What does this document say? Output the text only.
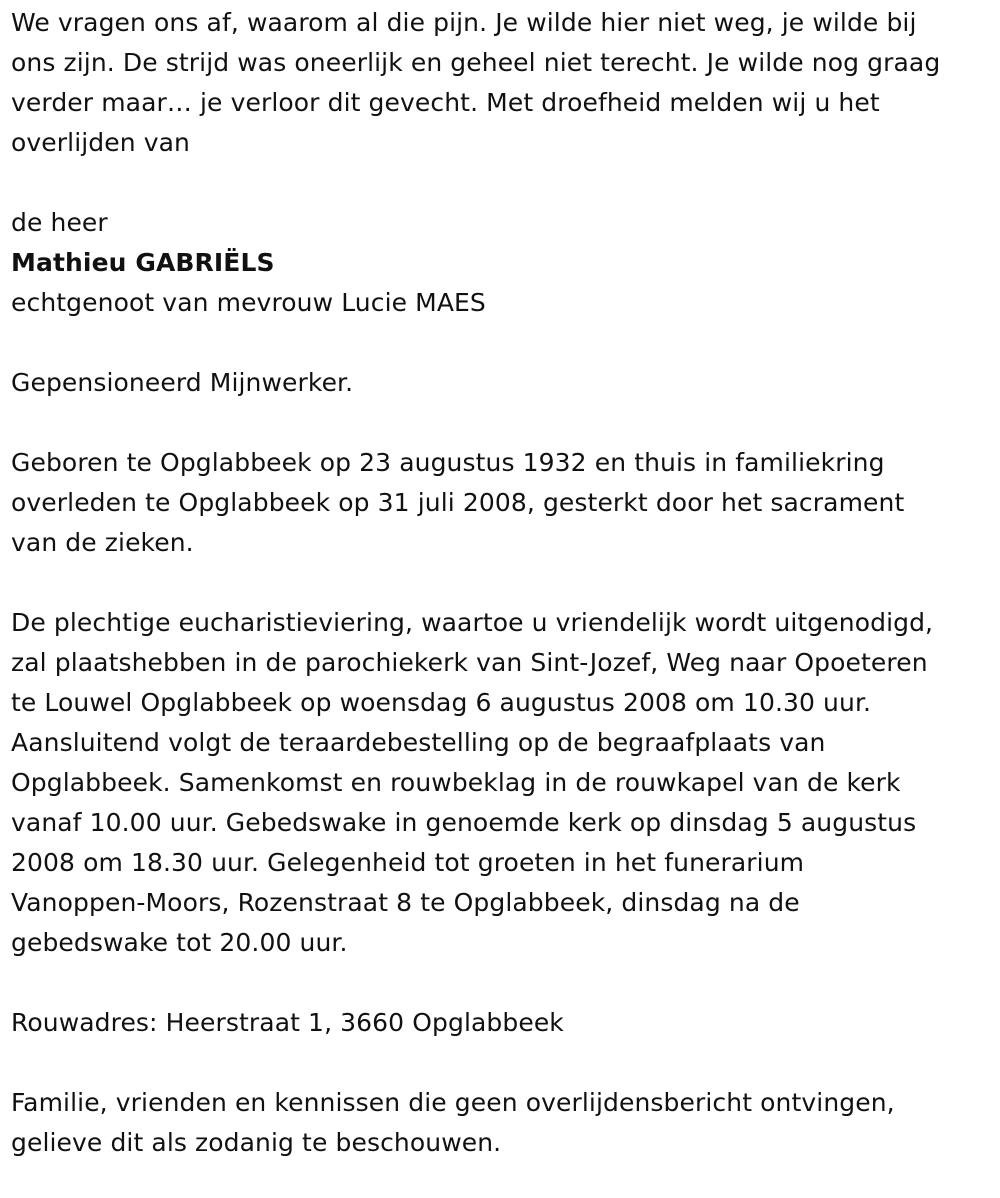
We vragen ons af, waarom al die pijn. Je wilde hier niet weg, je wilde bij
ons zijn. De strijd was oneerlijk en geheel niet terecht. Je wilde nog graag
verder maar… je verloor dit gevecht. Met droefheid melden wij u het
overlijden van

de heer

Mathieu GABRIËLS

echtgenoot van mevrouw Lucie MAES

Gepensioneerd Mijnwerker.

Geboren te Opglabbeek op 23 augustus 1932 en thuis in familiekring
overleden te Opglabbeek op 31 juli 2008, gesterkt door het sacrament
van de zieken.

De plechtige eucharistieviering, waartoe u vriendelijk wordt uitgenodigd,
zal plaatshebben in de parochiekerk van Sint-Jozef, Weg naar Opoeteren
te Louwel Opglabbeek op woensdag 6 augustus 2008 om 10.30 uur.
Aansluitend volgt de teraardebestelling op de begraafplaats van
Opglabbeek. Samenkomst en rouwbeklag in de rouwkapel van de kerk
vanaf 10.00 uur. Gebedswake in genoemde kerk op dinsdag 5 augustus
2008 om 18.30 uur. Gelegenheid tot groeten in het funerarium
Vanoppen-Moors, Rozenstraat 8 te Opglabbeek, dinsdag na de
gebedswake tot 20.00 uur.

Rouwadres: Heerstraat 1, 3660 Opglabbeek

Familie, vrienden en kennissen die geen overlijdensbericht ontvingen,
gelieve dit als zodanig te beschouwen.
